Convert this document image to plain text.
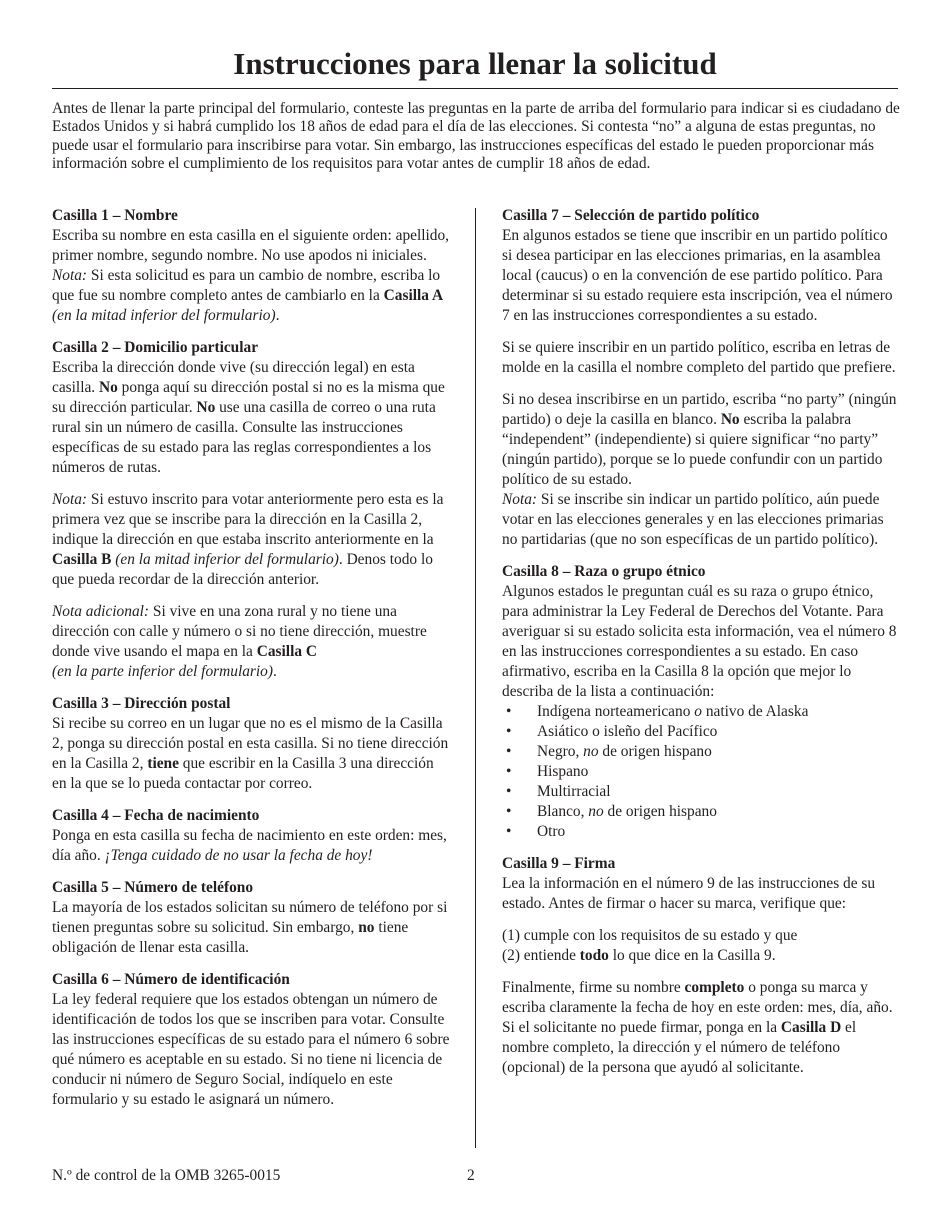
Instrucciones para llenar la solicitud
Antes de llenar la parte principal del formulario, conteste las preguntas en la parte de arriba del formulario para indicar si es ciudadano de Estados Unidos y si habrá cumplido los 18 años de edad para el día de las elecciones. Si contesta “no” a alguna de estas preguntas, no puede usar el formulario para inscribirse para votar. Sin embargo, las instrucciones específicas del estado le pueden proporcionar más información sobre el cumplimiento de los requisitos para votar antes de cumplir 18 años de edad.

Casilla 1 – Nombre
Escriba su nombre en esta casilla en el siguiente orden: apellido, primer nombre, segundo nombre. No use apodos ni iniciales.
Nota: Si esta solicitud es para un cambio de nombre, escriba lo que fue su nombre completo antes de cambiarlo en la Casilla A (en la mitad inferior del formulario).

Casilla 2 – Domicilio particular
Escriba la dirección donde vive (su dirección legal) en esta casilla. No ponga aquí su dirección postal si no es la misma que su dirección particular. No use una casilla de correo o una ruta rural sin un número de casilla. Consulte las instrucciones específicas de su estado para las reglas correspondientes a los números de rutas.

Nota: Si estuvo inscrito para votar anteriormente pero esta es la primera vez que se inscribe para la dirección en la Casilla 2, indique la dirección en que estaba inscrito anteriormente en la Casilla B (en la mitad inferior del formulario). Denos todo lo que pueda recordar de la dirección anterior.

Nota adicional: Si vive en una zona rural y no tiene una dirección con calle y número o si no tiene dirección, muestre donde vive usando el mapa en la Casilla C
(en la parte inferior del formulario).

Casilla 3 – Dirección postal
Si recibe su correo en un lugar que no es el mismo de la Casilla 2, ponga su dirección postal en esta casilla. Si no tiene dirección en la Casilla 2, tiene que escribir en la Casilla 3 una dirección en la que se lo pueda contactar por correo.

Casilla 4 – Fecha de nacimiento
Ponga en esta casilla su fecha de nacimiento en este orden: mes, día año. ¡Tenga cuidado de no usar la fecha de hoy!

Casilla 5 – Número de teléfono
La mayoría de los estados solicitan su número de teléfono por si tienen preguntas sobre su solicitud. Sin embargo, no tiene obligación de llenar esta casilla.

Casilla 6 – Número de identificación
La ley federal requiere que los estados obtengan un número de identificación de todos los que se inscriben para votar. Consulte las instrucciones específicas de su estado para el número 6 sobre qué número es aceptable en su estado. Si no tiene ni licencia de conducir ni número de Seguro Social, indíquelo en este formulario y su estado le asignará un número.

Casilla 7 – Selección de partido político
En algunos estados se tiene que inscribir en un partido político si desea participar en las elecciones primarias, en la asamblea local (caucus) o en la convención de ese partido político. Para determinar si su estado requiere esta inscripción, vea el número 7 en las instrucciones correspondientes a su estado.

Si se quiere inscribir en un partido político, escriba en letras de molde en la casilla el nombre completo del partido que prefiere.

Si no desea inscribirse en un partido, escriba “no party” (ningún partido) o deje la casilla en blanco. No escriba la palabra “independent” (independiente) si quiere significar “no party” (ningún partido), porque se lo puede confundir con un partido político de su estado.
Nota: Si se inscribe sin indicar un partido político, aún puede votar en las elecciones generales y en las elecciones primarias no partidarias (que no son específicas de un partido político).

Casilla 8 – Raza o grupo étnico
Algunos estados le preguntan cuál es su raza o grupo étnico, para administrar la Ley Federal de Derechos del Votante. Para averiguar si su estado solicita esta información, vea el número 8 en las instrucciones correspondientes a su estado. En caso afirmativo, escriba en la Casilla 8 la opción que mejor lo describa de la lista a continuación:

• Indígena norteamericano o nativo de Alaska
• Asiático o isleño del Pacífico
• Negro, no de origen hispano
• Hispano
• Multirracial
• Blanco, no de origen hispano
• Otro

Casilla 9 – Firma
Lea la información en el número 9 de las instrucciones de su estado. Antes de firmar o hacer su marca, verifique que:

(1) cumple con los requisitos de su estado y que
(2) entiende todo lo que dice en la Casilla 9.

Finalmente, firme su nombre completo o ponga su marca y escriba claramente la fecha de hoy en este orden: mes, día, año. Si el solicitante no puede firmar, ponga en la Casilla D el nombre completo, la dirección y el número de teléfono (opcional) de la persona que ayudó al solicitante.

N.º de control de la OMB 3265-0015	2
